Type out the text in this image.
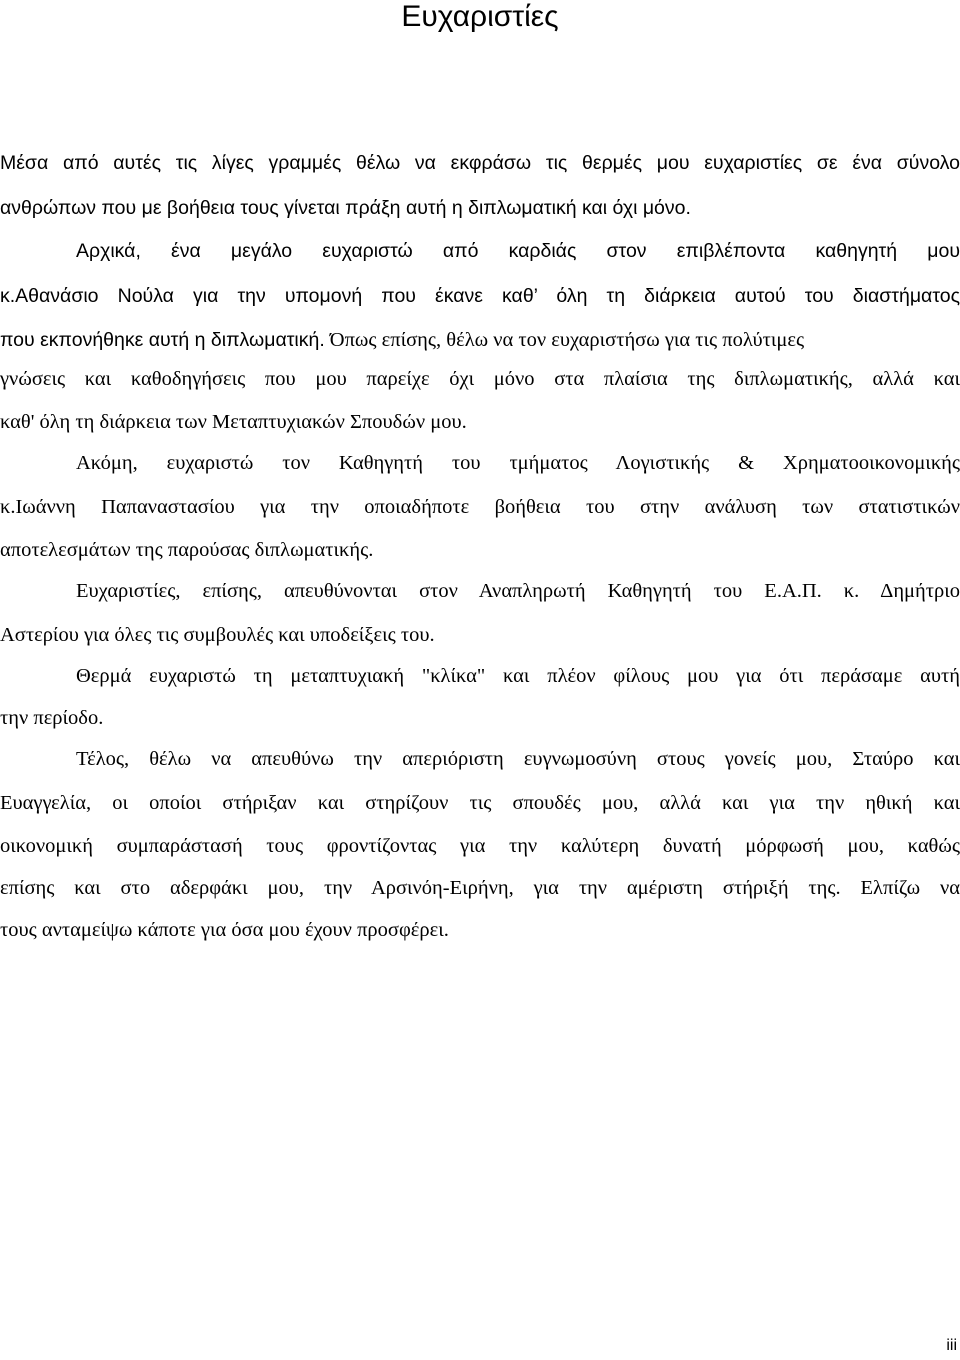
Ευχαριστίες

Μέσα από αυτές τις λίγες γραμμές θέλω να εκφράσω τις θερμές μου ευχαριστίες σε ένα σύνολο

ανθρώπων που με βοήθεια τους γίνεται πράξη αυτή η διπλωματική και όχι μόνο.

Αρχικά, ένα μεγάλο ευχαριστώ από καρδιάς στον επιβλέποντα καθηγητή μου

κ.Αθανάσιο Νούλα για την υπομονή που έκανε καθ’ όλη τη διάρκεια αυτού του διαστήματος

που εκπονήθηκε αυτή η διπλωματική. Όπως επίσης, θέλω να τον ευχαριστήσω για τις πολύτιμες

γνώσεις και καθοδηγήσεις που μου παρείχε όχι μόνο στα πλαίσια της διπλωματικής, αλλά και

καθ' όλη τη διάρκεια των Μεταπτυχιακών Σπουδών μου.

Ακόμη, ευχαριστώ τον Καθηγητή του τμήματος Λογιστικής & Χρηματοοικονομικής

κ.Ιωάννη Παπαναστασίου για την οποιαδήποτε βοήθεια του στην ανάλυση των στατιστικών

αποτελεσμάτων της παρούσας διπλωματικής.

Ευχαριστίες, επίσης, απευθύνονται στον Αναπληρωτή Καθηγητή του Ε.Α.Π. κ. Δημήτριο

Αστερίου για όλες τις συμβουλές και υποδείξεις του.

Θερμά ευχαριστώ τη μεταπτυχιακή "κλίκα" και πλέον φίλους μου για ότι περάσαμε αυτή

την περίοδο.

Τέλος, θέλω να απευθύνω την απεριόριστη ευγνωμοσύνη στους γονείς μου, Σταύρο και

Ευαγγελία, οι οποίοι στήριξαν και στηρίζουν τις σπουδές μου, αλλά και για την ηθική και

οικονομική συμπαράστασή τους φροντίζοντας για την καλύτερη δυνατή μόρφωσή μου, καθώς

επίσης και στο αδερφάκι μου, την Αρσινόη-Ειρήνη, για την αμέριστη στήριξή της. Ελπίζω να

τους ανταμείψω κάποτε για όσα μου έχουν προσφέρει.

iii
